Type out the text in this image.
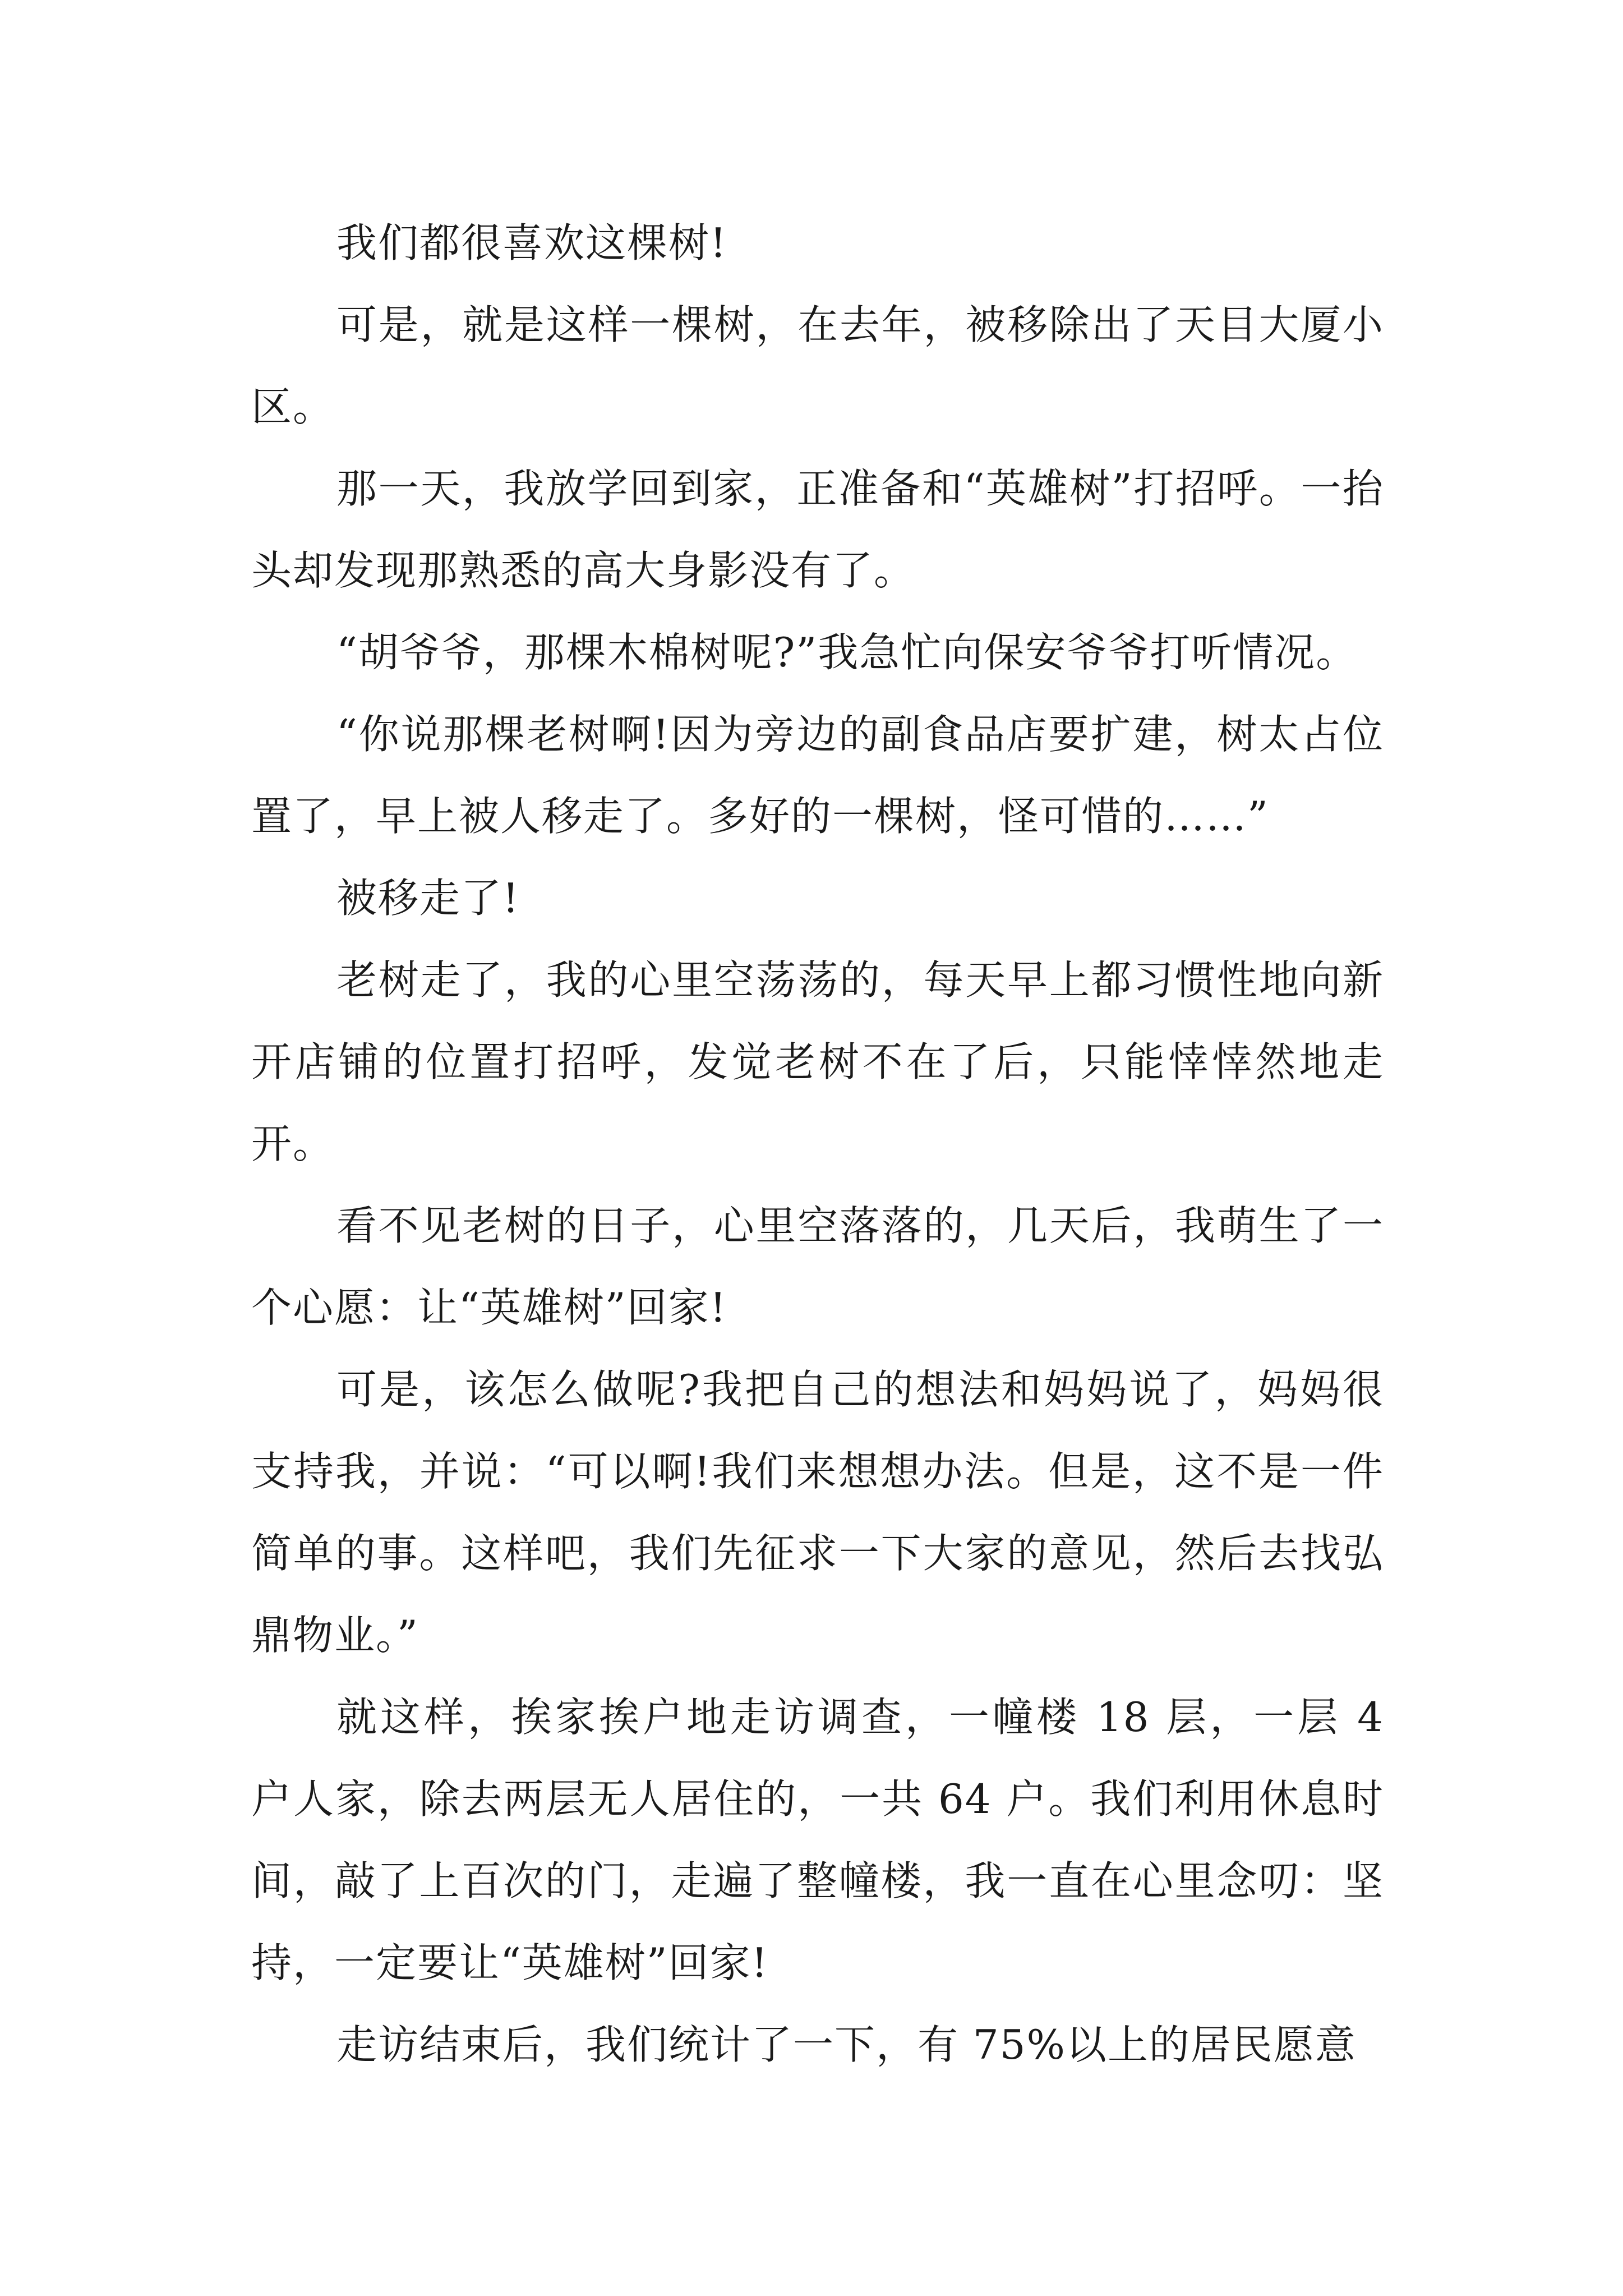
我们都很喜欢这棵树!

可是，就是这样一棵树，在去年，被移除出了天目大厦小区。

那一天，我放学回到家，正准备和“英雄树”打招呼。一抬头却发现那熟悉的高大身影没有了。

“胡爷爷，那棵木棉树呢?”我急忙向保安爷爷打听情况。

“你说那棵老树啊!因为旁边的副食品店要扩建，树太占位置了，早上被人移走了。多好的一棵树，怪可惜的……”

被移走了!

老树走了，我的心里空荡荡的，每天早上都习惯性地向新开店铺的位置打招呼，发觉老树不在了后，只能悻悻然地走开。

看不见老树的日子，心里空落落的，几天后，我萌生了一个心愿：让“英雄树”回家!

可是，该怎么做呢?我把自己的想法和妈妈说了，妈妈很支持我，并说：“可以啊!我们来想想办法。但是，这不是一件简单的事。这样吧，我们先征求一下大家的意见，然后去找弘鼎物业。”

就这样，挨家挨户地走访调查，一幢楼 18 层，一层 4 户人家，除去两层无人居住的，一共 64 户。我们利用休息时间，敲了上百次的门，走遍了整幢楼，我一直在心里念叨：坚持，一定要让“英雄树”回家!

走访结束后，我们统计了一下，有 75%以上的居民愿意
